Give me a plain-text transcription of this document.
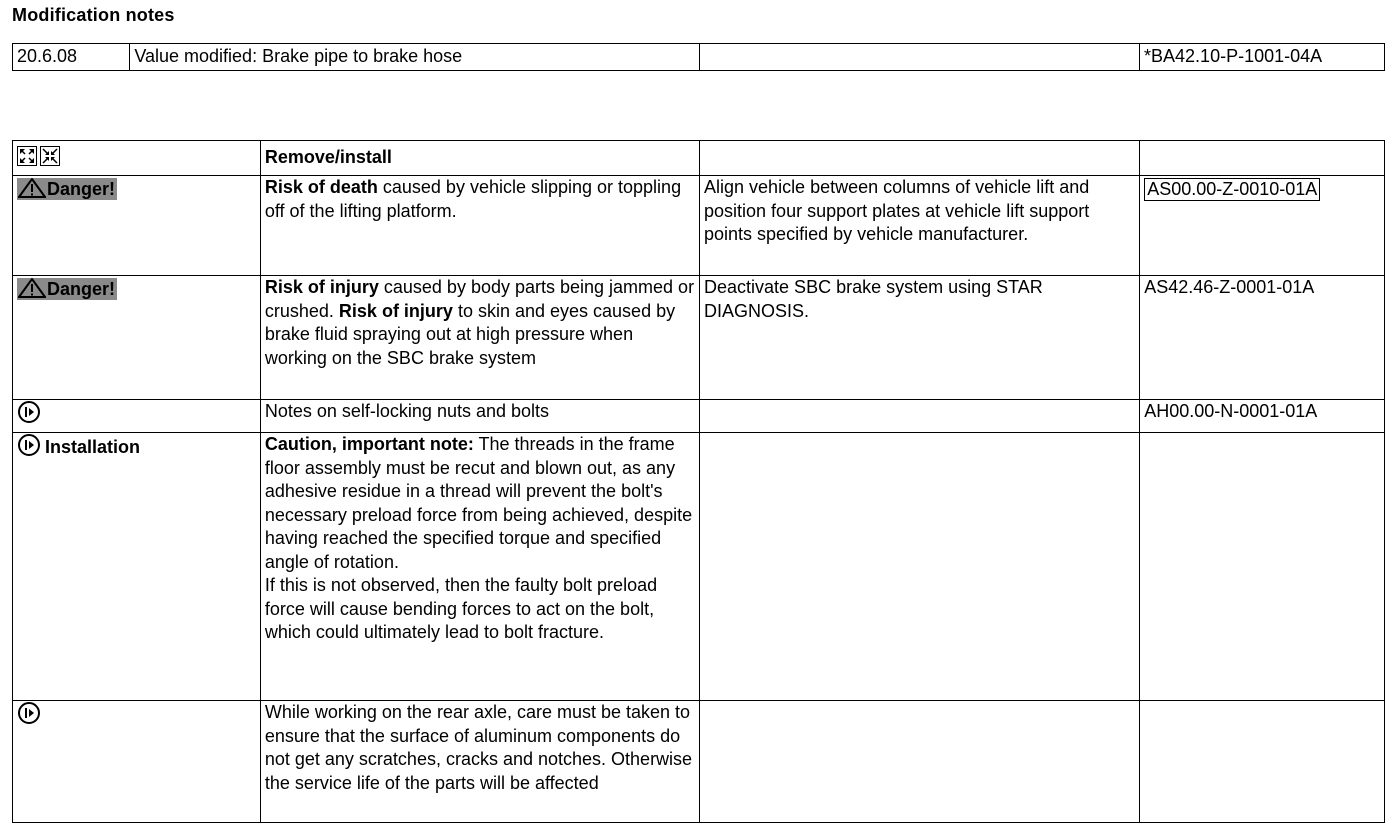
Modification notes
20.6.08	Value modified: Brake pipe to brake hose		*BA42.10-P-1001-04A
	Remove/install		
Danger!	Risk of death caused by vehicle slipping or toppling off of the lifting platform.	Align vehicle between columns of vehicle lift and position four support plates at vehicle lift support points specified by vehicle manufacturer.	AS00.00-Z-0010-01A
Danger!	Risk of injury caused by body parts being jammed or crushed. Risk of injury to skin and eyes caused by brake fluid spraying out at high pressure when working on the SBC brake system	Deactivate SBC brake system using STAR DIAGNOSIS.	AS42.46-Z-0001-01A
	Notes on self-locking nuts and bolts		AH00.00-N-0001-01A
Installation	Caution, important note: The threads in the frame floor assembly must be recut and blown out, as any adhesive residue in a thread will prevent the bolt's necessary preload force from being achieved, despite having reached the specified torque and specified angle of rotation.
If this is not observed, then the faulty bolt preload force will cause bending forces to act on the bolt, which could ultimately lead to bolt fracture.		
	While working on the rear axle, care must be taken to ensure that the surface of aluminum components do not get any scratches, cracks and notches. Otherwise the service life of the parts will be affected		
